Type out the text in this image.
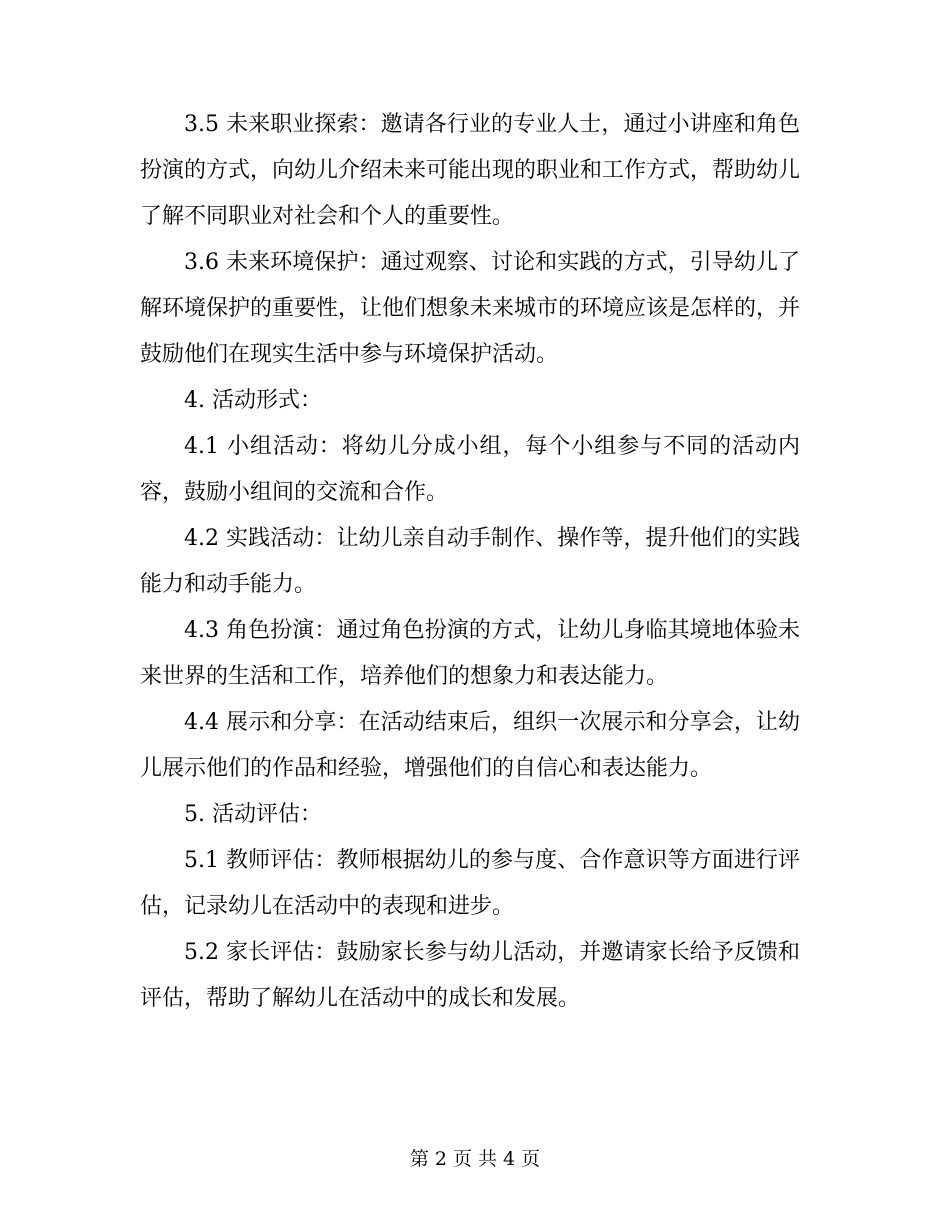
3.5 未来职业探索：邀请各行业的专业人士，通过小讲座和角色扮演的方式，向幼儿介绍未来可能出现的职业和工作方式，帮助幼儿了解不同职业对社会和个人的重要性。

3.6 未来环境保护：通过观察、讨论和实践的方式，引导幼儿了解环境保护的重要性，让他们想象未来城市的环境应该是怎样的，并鼓励他们在现实生活中参与环境保护活动。

4. 活动形式：

4.1 小组活动：将幼儿分成小组，每个小组参与不同的活动内容，鼓励小组间的交流和合作。

4.2 实践活动：让幼儿亲自动手制作、操作等，提升他们的实践能力和动手能力。

4.3 角色扮演：通过角色扮演的方式，让幼儿身临其境地体验未来世界的生活和工作，培养他们的想象力和表达能力。

4.4 展示和分享：在活动结束后，组织一次展示和分享会，让幼儿展示他们的作品和经验，增强他们的自信心和表达能力。

5. 活动评估：

5.1 教师评估：教师根据幼儿的参与度、合作意识等方面进行评估，记录幼儿在活动中的表现和进步。

5.2 家长评估：鼓励家长参与幼儿活动，并邀请家长给予反馈和评估，帮助了解幼儿在活动中的成长和发展。

第 2 页 共 4 页
